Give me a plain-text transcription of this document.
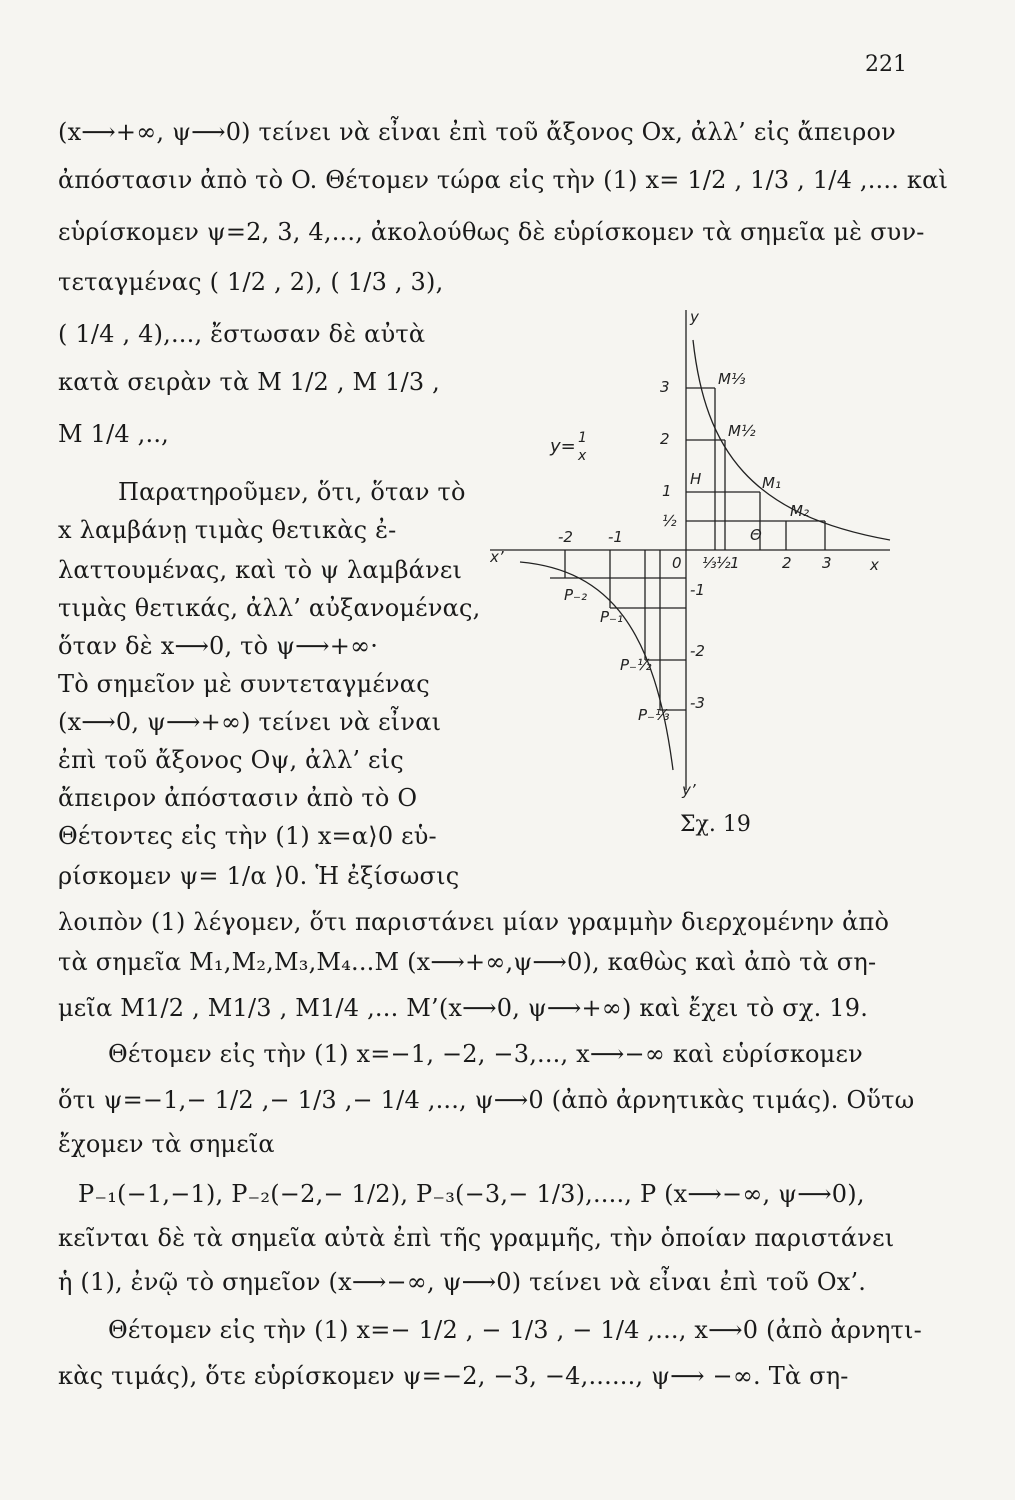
221
(x⟶+∞, ψ⟶0) τείνει νὰ εἶναι ἐπὶ τοῦ ἄξονος Ox, ἀλλ’ εἰς ἄπειρον
ἀπόστασιν ἀπὸ τὸ O. Θέτομεν τώρα εἰς τὴν (1) x= 1/2 , 1/3 , 1/4 ,.... καὶ
εὑρίσκομεν ψ=2, 3, 4,..., ἀκολούθως δὲ εὑρίσκομεν τὰ σημεῖα μὲ συν-
τεταγμένας ( 1/2 , 2), ( 1/3 , 3),
( 1/4 , 4),..., ἔστωσαν δὲ αὐτὰ
κατὰ σειρὰν τὰ M 1/2 , M 1/3 ,
M 1/4 ,..,
Παρατηροῦμεν, ὅτι, ὅταν τὸ
x λαμβάνῃ τιμὰς θετικὰς ἐ-
λαττουμένας, καὶ τὸ ψ λαμβάνει
τιμὰς θετικάς, ἀλλ’ αὐξανομένας,
ὅταν δὲ x⟶0, τὸ ψ⟶+∞·
Τὸ σημεῖον μὲ συντεταγμένας
(x⟶0, ψ⟶+∞) τείνει νὰ εἶναι
ἐπὶ τοῦ ἄξονος Oψ, ἀλλ’ εἰς
ἄπειρον ἀπόστασιν ἀπὸ τὸ O
Θέτοντες εἰς τὴν (1) x=α⟩0 εὑ-
ρίσκομεν ψ= 1/α ⟩0. Ἡ ἐξίσωσις
λοιπὸν (1) λέγομεν, ὅτι παριστάνει μίαν γραμμὴν διερχομένην ἀπὸ
τὰ σημεῖα M₁,M₂,M₃,M₄...M (x⟶+∞,ψ⟶0), καθὼς καὶ ἀπὸ τὰ ση-
μεῖα M1/2 , M1/3 , M1/4 ,... M’(x⟶0, ψ⟶+∞) καὶ ἔχει τὸ σχ. 19.
Θέτομεν εἰς τὴν (1) x=−1, −2, −3,..., x⟶−∞ καὶ εὑρίσκομεν
ὅτι ψ=−1,− 1/2 ,− 1/3 ,− 1/4 ,..., ψ⟶0 (ἀπὸ ἀρνητικὰς τιμάς). Οὕτω
ἔχομεν τὰ σημεῖα
P₋₁(−1,−1), P₋₂(−2,− 1/2), P₋₃(−3,− 1/3),...., P (x⟶−∞, ψ⟶0),
κεῖνται δὲ τὰ σημεῖα αὐτὰ ἐπὶ τῆς γραμμῆς, τὴν ὁποίαν παριστάνει
ἡ (1), ἐνῷ τὸ σημεῖον (x⟶−∞, ψ⟶0) τείνει νὰ εἶναι ἐπὶ τοῦ Ox’.
Θέτομεν εἰς τὴν (1) x=− 1/2 , − 1/3 , − 1/4 ,..., x⟶0 (ἀπὸ ἀρνητι-
κὰς τιμάς), ὅτε εὑρίσκομεν ψ=−2, −3, −4,......, ψ⟶ −∞. Τὰ ση-
y
y’
x
x’	0
y= 1
x
3
2
1
½
-1
-2
-3
-2 -1
⅓ ½ 1	2 3
M⅓
M½
M₁
M₂
Θ
H
P₋₂
P₋₁
P₋½
P₋⅓
Σχ. 19
